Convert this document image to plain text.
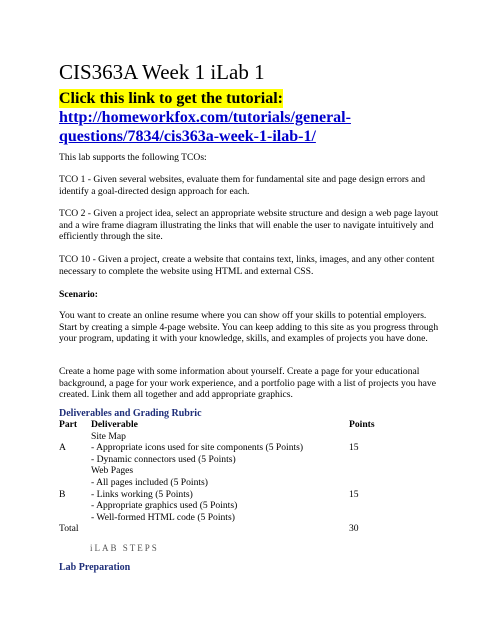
CIS363A Week 1 iLab 1
Click this link to get the tutorial:
http://homeworkfox.com/tutorials/general-questions/7834/cis363a-week-1-ilab-1/

This lab supports the following TCOs:

TCO 1 - Given several websites, evaluate them for fundamental site and page design errors and identify a goal-directed design approach for each.

TCO 2 - Given a project idea, select an appropriate website structure and design a web page layout and a wire frame diagram illustrating the links that will enable the user to navigate intuitively and efficiently through the site.

TCO 10 - Given a project, create a website that contains text, links, images, and any other content necessary to complete the website using HTML and external CSS.

Scenario:

You want to create an online resume where you can show off your skills to potential employers. Start by creating a simple 4-page website. You can keep adding to this site as you progress through your program, updating it with your knowledge, skills, and examples of projects you have done.

Create a home page with some information about yourself. Create a page for your educational background, a page for your work experience, and a portfolio page with a list of projects you have created. Link them all together and add appropriate graphics.

Deliverables and Grading Rubric
Part	Deliverable	Points
	Site Map	
A	- Appropriate icons used for site components (5 Points)	15
	- Dynamic connectors used (5 Points)	
	Web Pages	
	- All pages included (5 Points)	
B	- Links working (5 Points)	15
	- Appropriate graphics used (5 Points)	
	- Well-formed HTML code (5 Points)	
Total		30
iLAB STEPS
Lab Preparation
